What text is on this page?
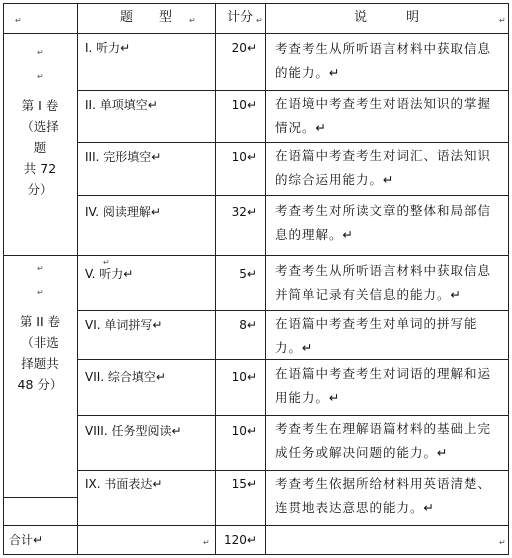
题　　型	计分	说　　　明
↵	↵	↵	↵
↵
↵
第 I 卷
（选择
题
共 72
分）
↵
↵
第 II 卷
（非选
择题共
48 分）
I. 听力↵	20↵ 考查考生从所听语言材料中获取信息的能力。↵
II. 单项填空↵	10↵ 在语境中考查考生对语法知识的掌握情况。↵
III. 完形填空↵	10↵ 在语篇中考查考生对词汇、语法知识的综合运用能力。↵
IV. 阅读理解↵	32↵ 考查考生对所读文章的整体和局部信息的理解。↵
↵
V. 听力↵	5↵ 考查考生从所听语言材料中获取信息并简单记录有关信息的能力。↵
VI. 单词拼写↵	8↵ 在语篇中考查考生对单词的拼写能力。↵
VII. 综合填空↵	10↵ 在语篇中考查考生对词语的理解和运用能力。↵
VIII. 任务型阅读↵	10↵ 考查考生在理解语篇材料的基础上完成任务或解决问题的能力。↵
IX. 书面表达↵	15↵ 考查考生依据所给材料用英语清楚、连贯地表达意思的能力。↵
合计↵	120↵
↵	↵
